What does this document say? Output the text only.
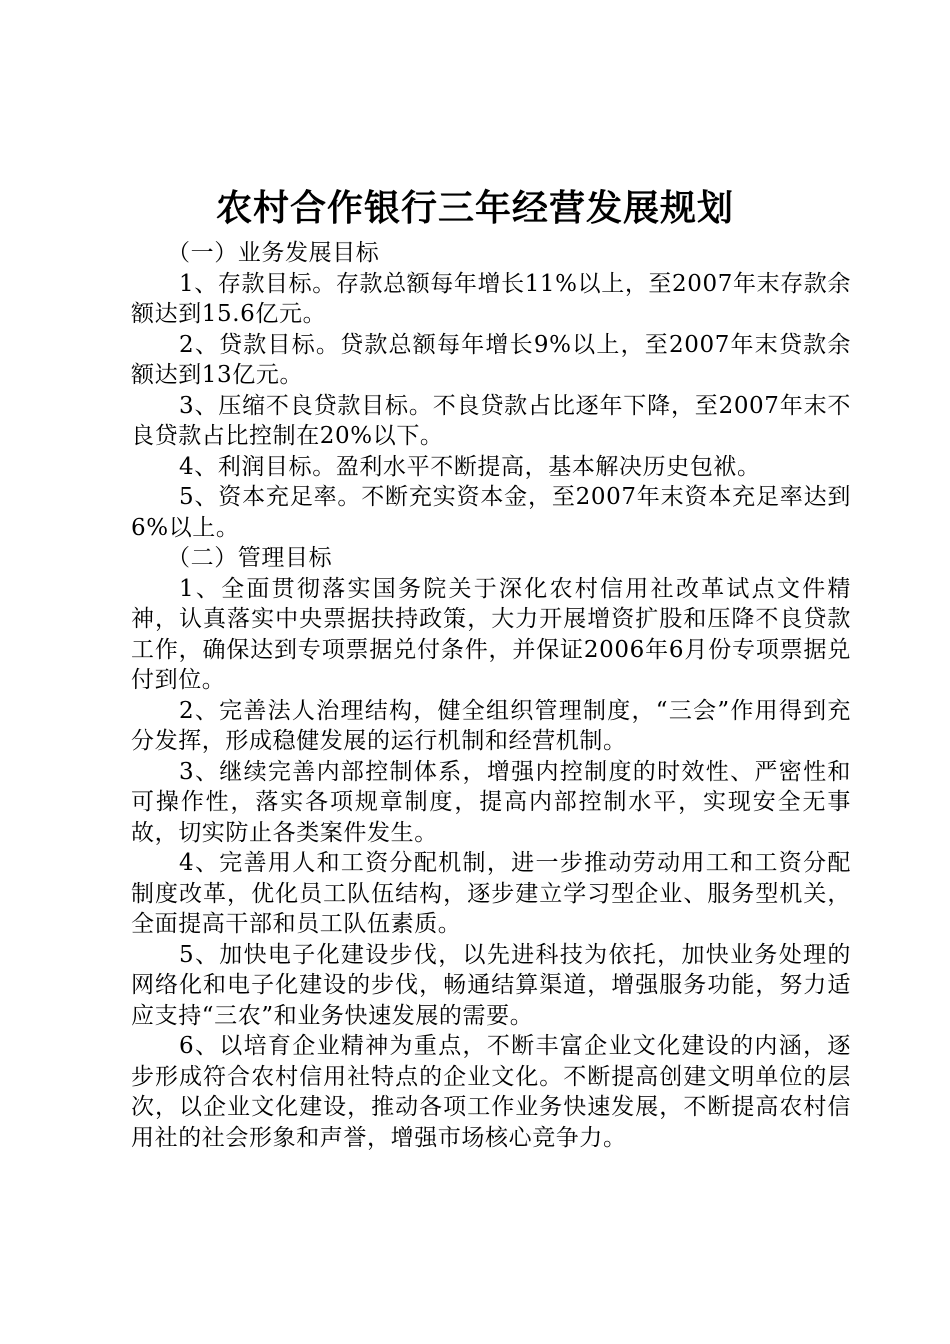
农村合作银行三年经营发展规划

（一）业务发展目标

1、存款目标。存款总额每年增长11%以上，至2007年末存款余额达到15.6亿元。

2、贷款目标。贷款总额每年增长9%以上，至2007年末贷款余额达到13亿元。

3、压缩不良贷款目标。不良贷款占比逐年下降，至2007年末不良贷款占比控制在20%以下。

4、利润目标。盈利水平不断提高，基本解决历史包袱。

5、资本充足率。不断充实资本金，至2007年末资本充足率达到6%以上。

（二）管理目标

1、全面贯彻落实国务院关于深化农村信用社改革试点文件精神，认真落实中央票据扶持政策，大力开展增资扩股和压降不良贷款工作，确保达到专项票据兑付条件，并保证2006年6月份专项票据兑付到位。

2、完善法人治理结构，健全组织管理制度，“三会”作用得到充分发挥，形成稳健发展的运行机制和经营机制。

3、继续完善内部控制体系，增强内控制度的时效性、严密性和可操作性，落实各项规章制度，提高内部控制水平，实现安全无事故，切实防止各类案件发生。

4、完善用人和工资分配机制，进一步推动劳动用工和工资分配制度改革，优化员工队伍结构，逐步建立学习型企业、服务型机关，全面提高干部和员工队伍素质。

5、加快电子化建设步伐，以先进科技为依托，加快业务处理的网络化和电子化建设的步伐，畅通结算渠道，增强服务功能，努力适应支持“三农”和业务快速发展的需要。

6、以培育企业精神为重点，不断丰富企业文化建设的内涵，逐步形成符合农村信用社特点的企业文化。不断提高创建文明单位的层次，以企业文化建设，推动各项工作业务快速发展，不断提高农村信用社的社会形象和声誉，增强市场核心竞争力。
